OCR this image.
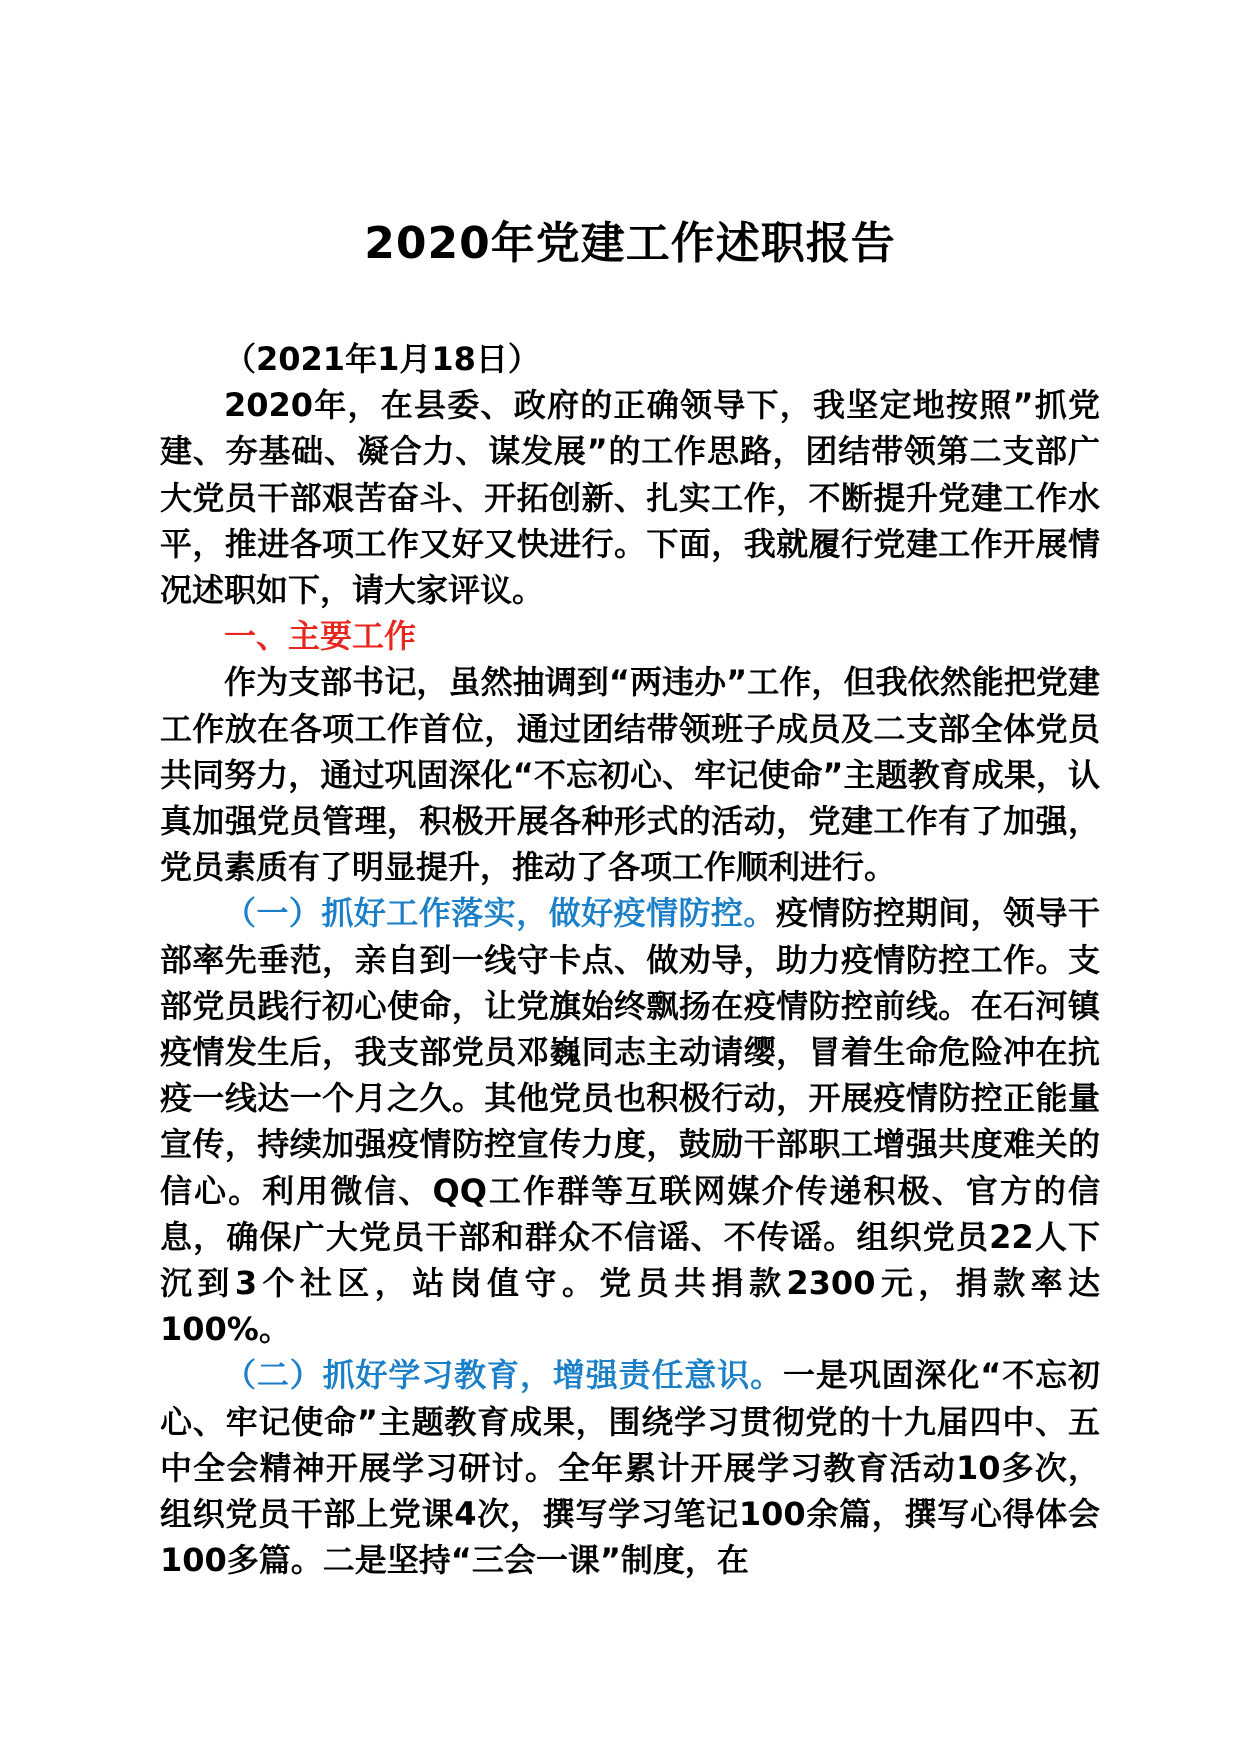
2020年党建工作述职报告

（2021年1月18日）

2020年，在县委、政府的正确领导下，我坚定地按照”抓党建、夯基础、凝合力、谋发展”的工作思路，团结带领第二支部广大党员干部艰苦奋斗、开拓创新、扎实工作，不断提升党建工作水平，推进各项工作又好又快进行。下面，我就履行党建工作开展情况述职如下，请大家评议。

一、主要工作

作为支部书记，虽然抽调到“两违办”工作，但我依然能把党建工作放在各项工作首位，通过团结带领班子成员及二支部全体党员共同努力，通过巩固深化“不忘初心、牢记使命”主题教育成果，认真加强党员管理，积极开展各种形式的活动，党建工作有了加强，党员素质有了明显提升，推动了各项工作顺利进行。

（一）抓好工作落实，做好疫情防控。疫情防控期间，领导干部率先垂范，亲自到一线守卡点、做劝导，助力疫情防控工作。支部党员践行初心使命，让党旗始终飘扬在疫情防控前线。在石河镇疫情发生后，我支部党员邓巍同志主动请缨，冒着生命危险冲在抗疫一线达一个月之久。其他党员也积极行动，开展疫情防控正能量宣传，持续加强疫情防控宣传力度，鼓励干部职工增强共度难关的信心。利用微信、QQ工作群等互联网媒介传递积极、官方的信息，确保广大党员干部和群众不信谣、不传谣。组织党员22人下沉到3个社区，站岗值守。党员共捐款2300元，捐款率达100%。

（二）抓好学习教育，增强责任意识。一是巩固深化“不忘初心、牢记使命”主题教育成果，围绕学习贯彻党的十九届四中、五中全会精神开展学习研讨。全年累计开展学习教育活动10多次，组织党员干部上党课4次，撰写学习笔记100余篇，撰写心得体会100多篇。二是坚持“三会一课”制度，在
